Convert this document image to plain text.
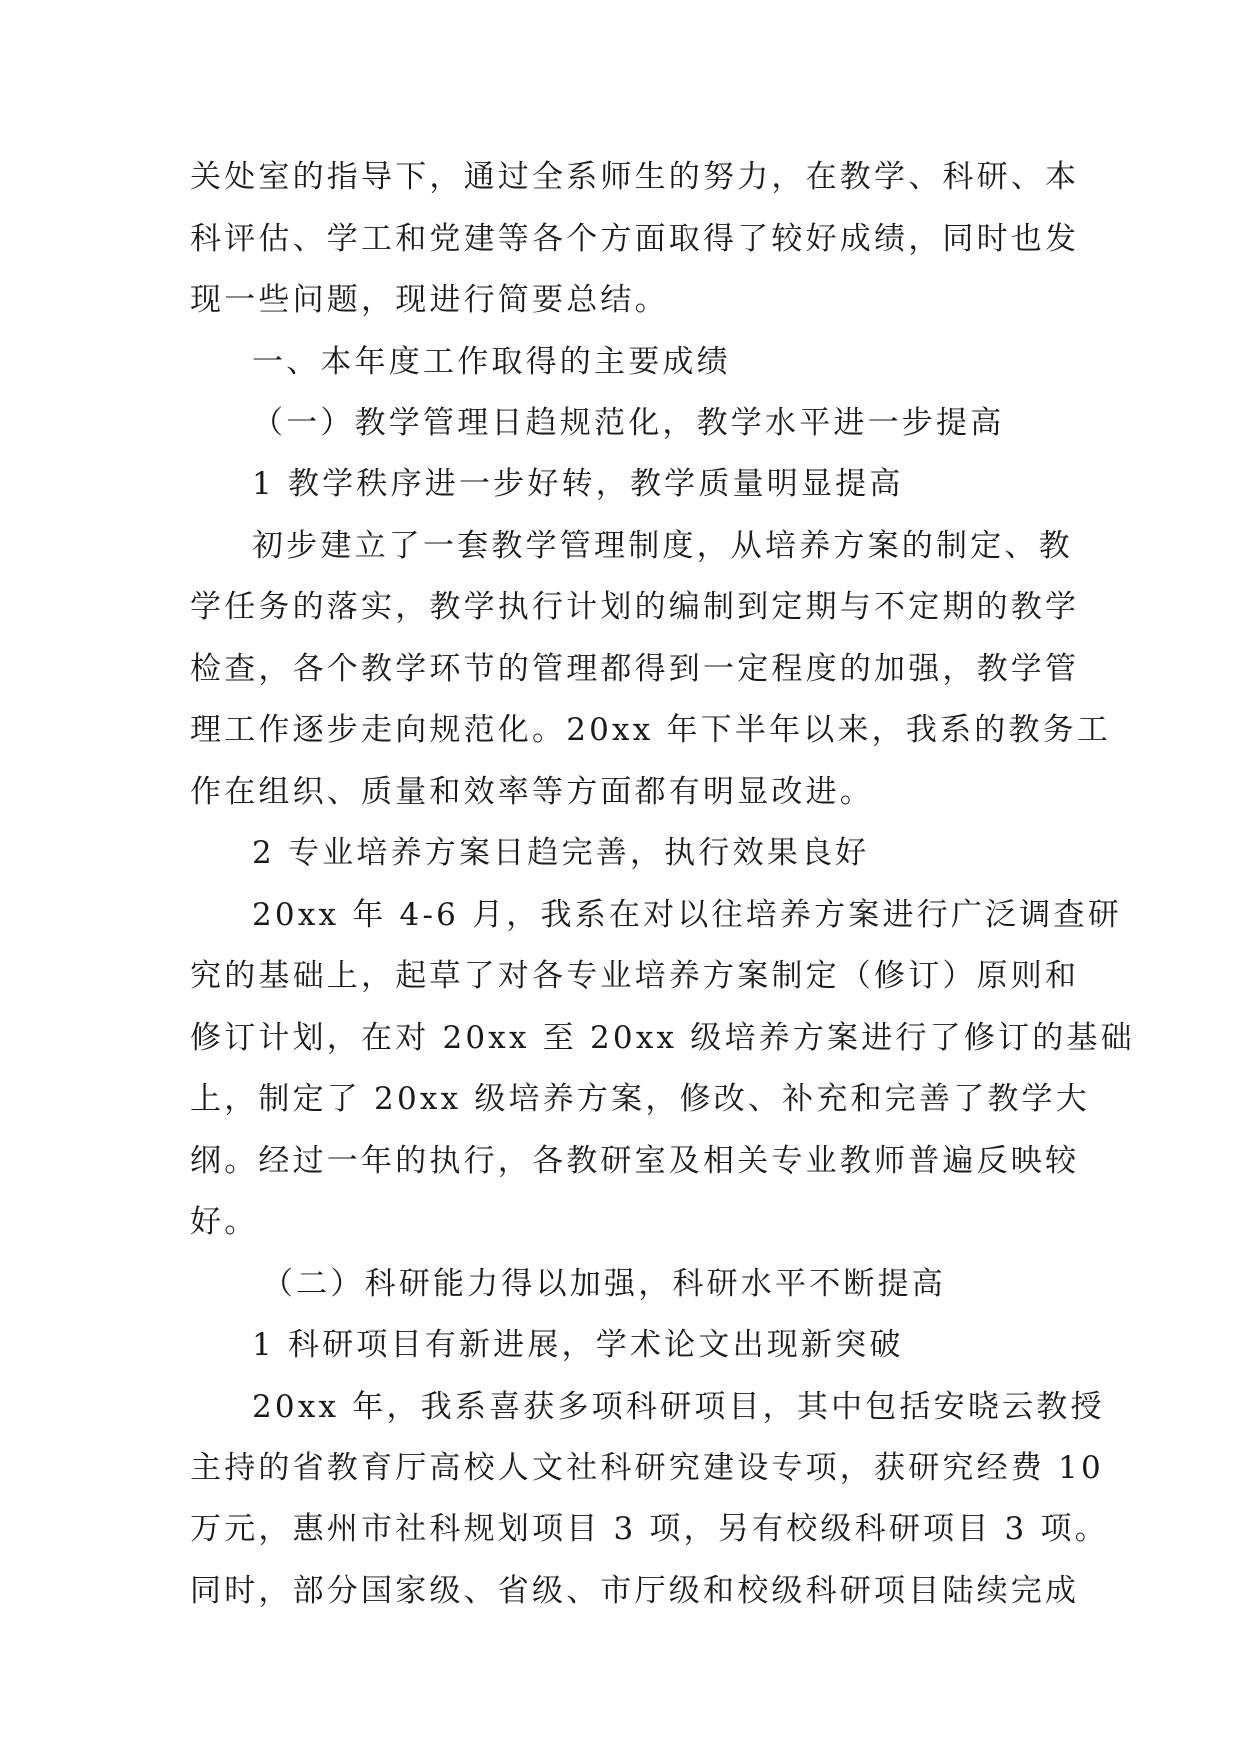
关处室的指导下，通过全系师生的努力，在教学、科研、本

科评估、学工和党建等各个方面取得了较好成绩，同时也发

现一些问题，现进行简要总结。

一、本年度工作取得的主要成绩

（一）教学管理日趋规范化，教学水平进一步提高

1 教学秩序进一步好转，教学质量明显提高

初步建立了一套教学管理制度，从培养方案的制定、教

学任务的落实，教学执行计划的编制到定期与不定期的教学

检查，各个教学环节的管理都得到一定程度的加强，教学管

理工作逐步走向规范化。20xx 年下半年以来，我系的教务工

作在组织、质量和效率等方面都有明显改进。

2 专业培养方案日趋完善，执行效果良好

20xx 年 4-6 月，我系在对以往培养方案进行广泛调查研

究的基础上，起草了对各专业培养方案制定（修订）原则和

修订计划，在对 20xx 至 20xx 级培养方案进行了修订的基础

上，制定了 20xx 级培养方案，修改、补充和完善了教学大

纲。经过一年的执行，各教研室及相关专业教师普遍反映较

好。

（二）科研能力得以加强，科研水平不断提高

1 科研项目有新进展，学术论文出现新突破

20xx 年，我系喜获多项科研项目，其中包括安晓云教授

主持的省教育厅高校人文社科研究建设专项，获研究经费 10

万元，惠州市社科规划项目 3 项，另有校级科研项目 3 项。

同时，部分国家级、省级、市厅级和校级科研项目陆续完成
